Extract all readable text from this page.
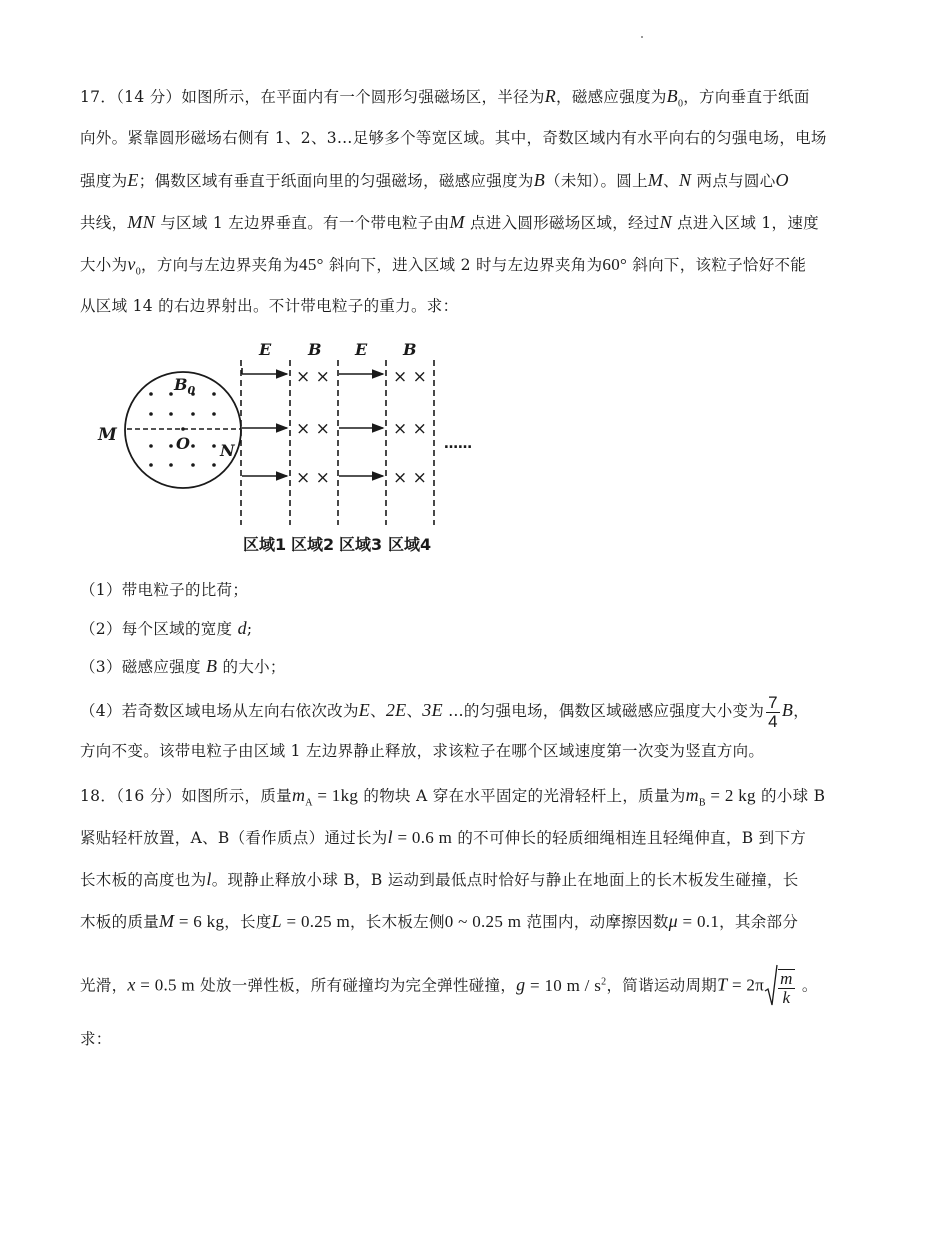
17．（14 分）如图所示，在平面内有一个圆形匀强磁场区，半径为R，磁感应强度为$B_0$，方向垂直于纸面
向外。紧靠圆形磁场右侧有 1、2、3…足够多个等宽区域。其中，奇数区域内有水平向右的匀强电场，电场
强度为E；偶数区域有垂直于纸面向里的匀强磁场，磁感应强度为B（未知）。圆上M、N 两点与圆心O
共线，MN 与区域 1 左边界垂直。有一个带电粒子由M 点进入圆形磁场区域，经过N 点进入区域 1，速度
大小为$v_0$，方向与左边界夹角为45° 斜向下，进入区域 2 时与左边界夹角为60° 斜向下，该粒子恰好不能
从区域 14 的右边界射出。不计带电粒子的重力。求：
$B_0$
M	O N
E B E B
× ×
× ×
× ×
× ×
× ×
× ×
……
区域1 区域2 区域3 区域4
（1）带电粒子的比荷；
（2）每个区域的宽度 d;
（3）磁感应强度 B 的大小；
（4）若奇数区域电场从左向右依次改为E、2E、3E …的匀强电场，偶数区域磁感应强度大小变为 $\frac{7}{4}$ B，
方向不变。该带电粒子由区域 1 左边界静止释放，求该粒子在哪个区域速度第一次变为竖直方向。
18．（16 分）如图所示，质量$m_A = 1kg$ 的物块 A 穿在水平固定的光滑轻杆上，质量为$m_B = 2$ kg 的小球 B
紧贴轻杆放置，A、B（看作质点）通过长为l = 0.6 m 的不可伸长的轻质细绳相连且轻绳伸直，B 到下方
长木板的高度也为l。现静止释放小球 B，B 运动到最低点时恰好与静止在地面上的长木板发生碰撞，长
木板的质量M = 6 kg，长度L = 0.25 m，长木板左侧0 ~ 0.25 m 范围内，动摩擦因数μ = 0.1，其余部分
光滑，x = 0.5 m 处放一弹性板，所有碰撞均为完全弹性碰撞，g = 10 m / $s^2$，简谐运动周期$T = 2\pi \frac{m}{k}$ 。
求：
